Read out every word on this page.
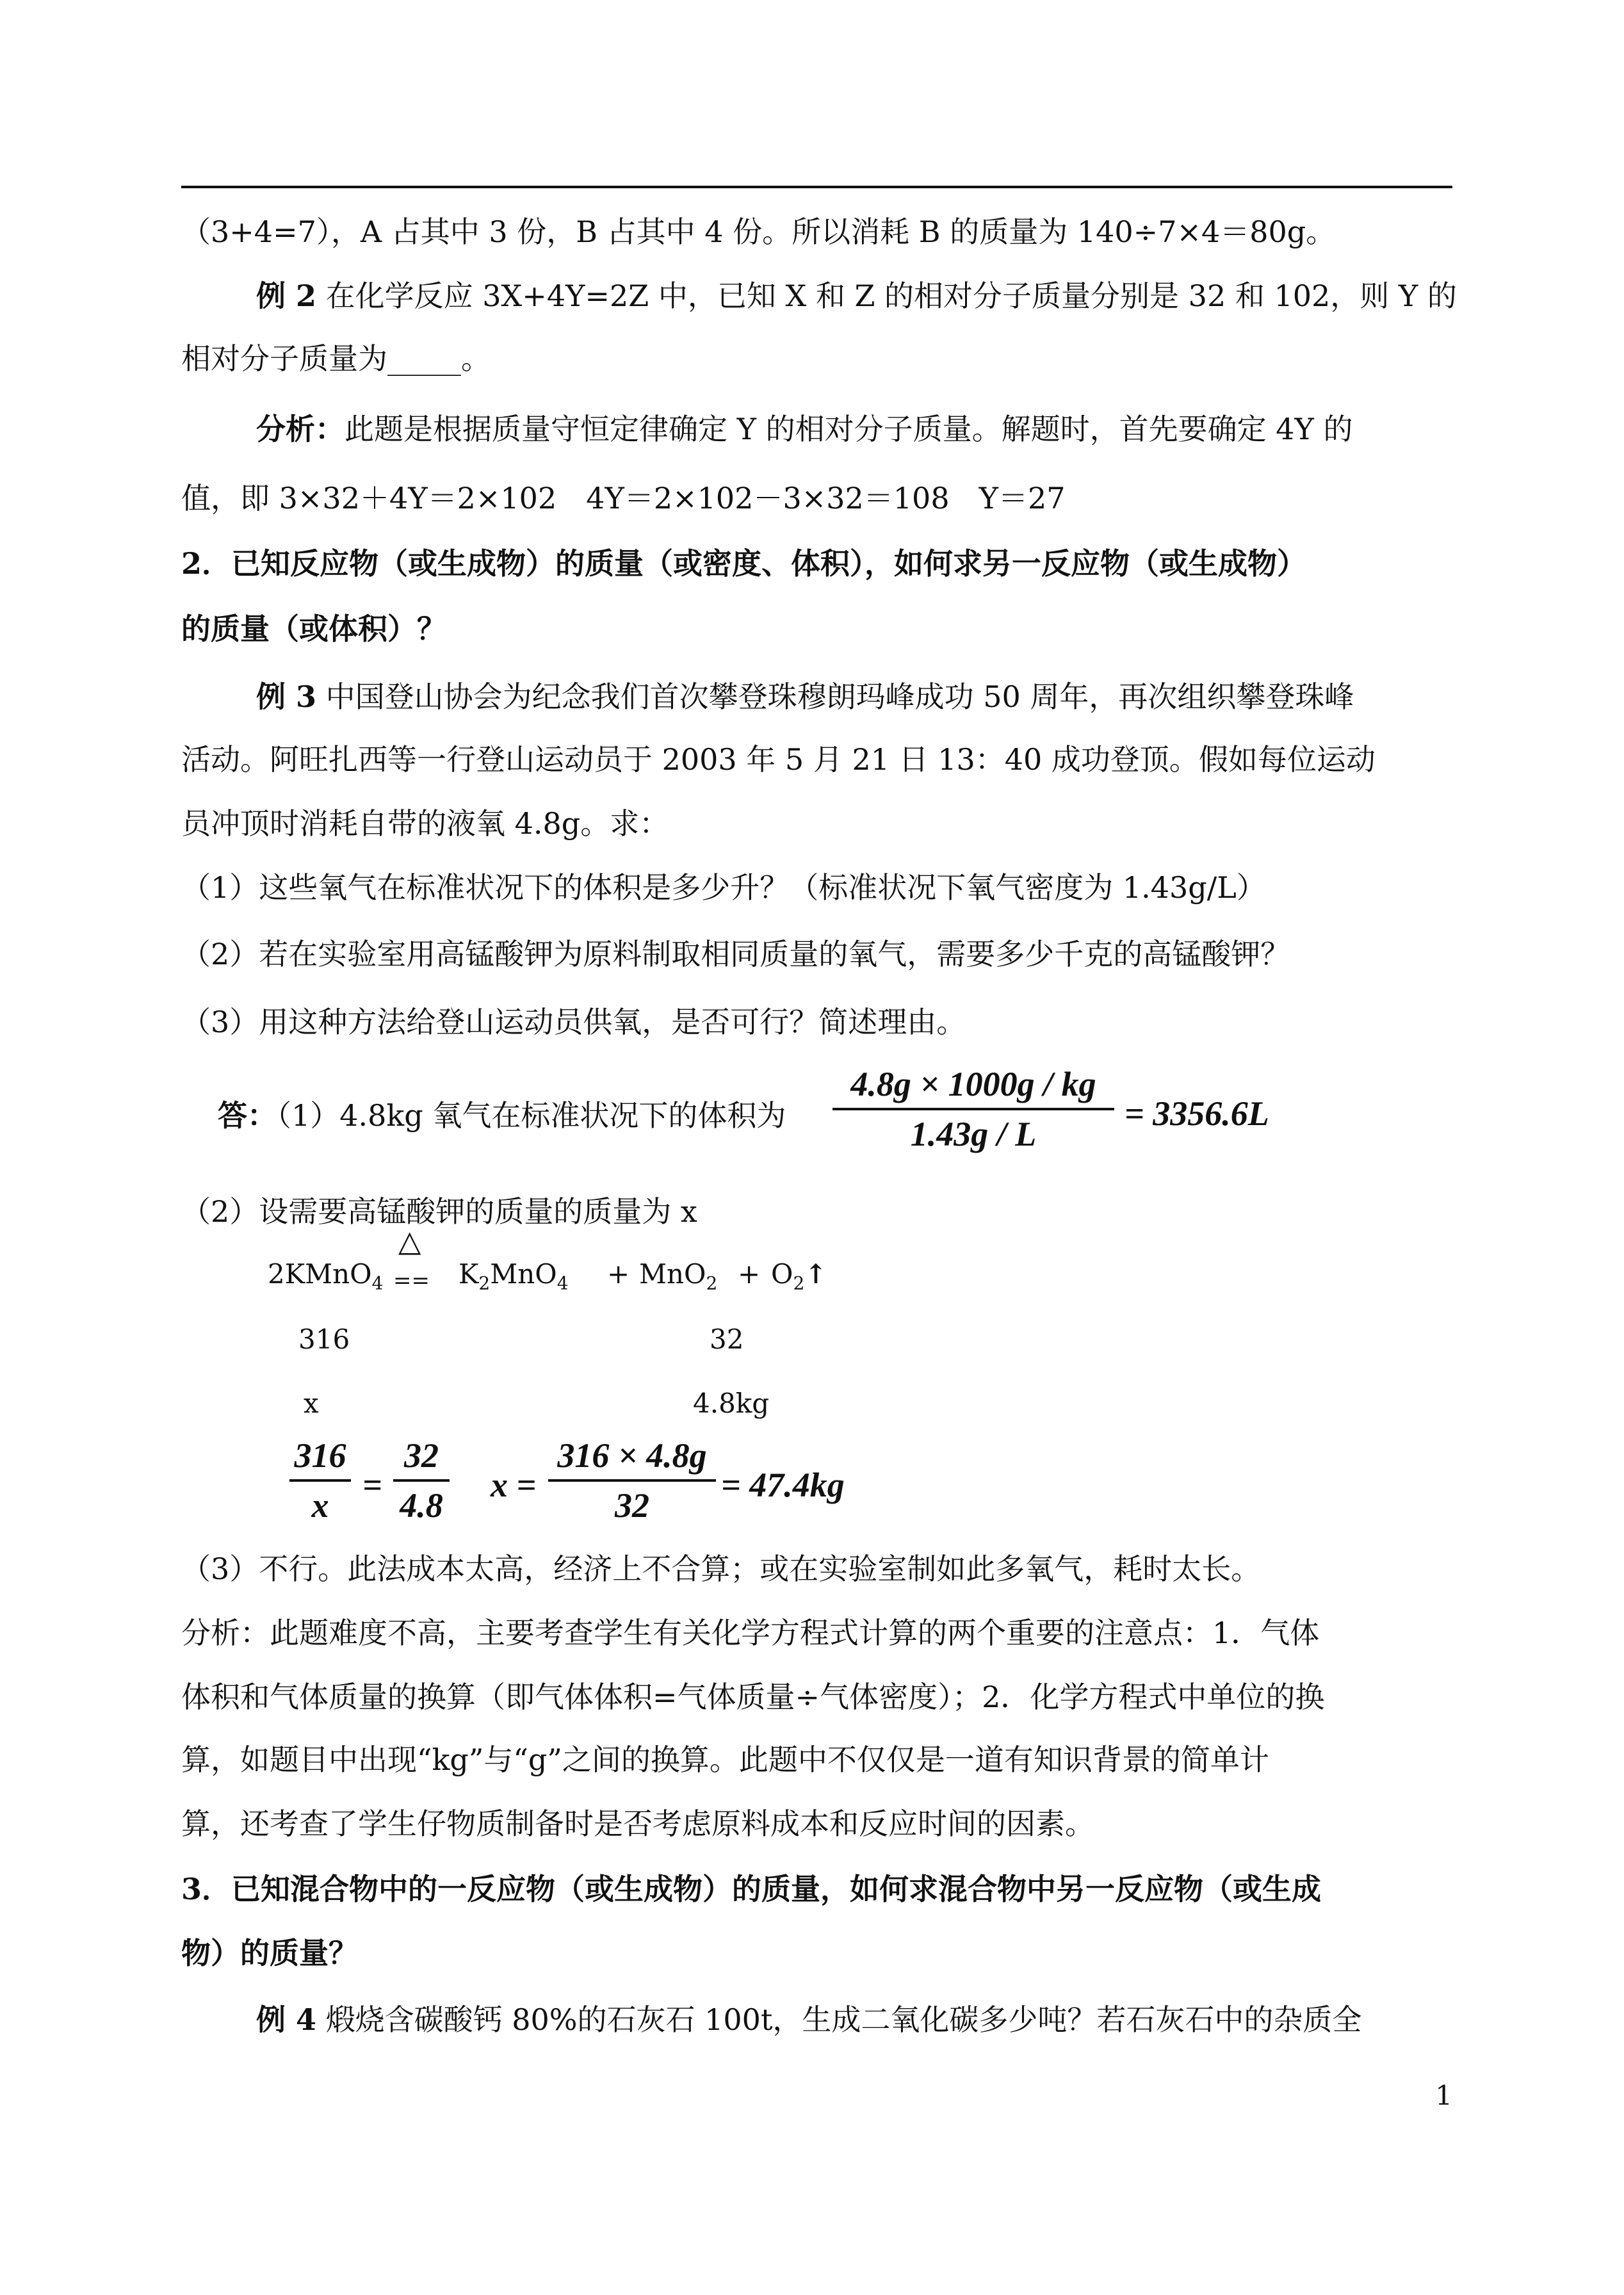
（3+4=7），A 占其中 3 份，B 占其中 4 份。所以消耗 B 的质量为 140÷7×4＝80g。
例 2 在化学反应 3X+4Y=2Z 中，已知 X 和 Z 的相对分子质量分别是 32 和 102，则 Y 的
相对分子质量为_____。
分析：此题是根据质量守恒定律确定 Y 的相对分子质量。解题时，首先要确定 4Y 的
值，即 3×32＋4Y＝2×102　4Y＝2×102－3×32＝108　Y＝27
2．已知反应物（或生成物）的质量（或密度、体积），如何求另一反应物（或生成物）
的质量（或体积）？
例 3 中国登山协会为纪念我们首次攀登珠穆朗玛峰成功 50 周年，再次组织攀登珠峰
活动。阿旺扎西等一行登山运动员于 2003 年 5 月 21 日 13：40 成功登顶。假如每位运动
员冲顶时消耗自带的液氧 4.8g。求：
（1）这些氧气在标准状况下的体积是多少升？（标准状况下氧气密度为 1.43g/L）
（2）若在实验室用高锰酸钾为原料制取相同质量的氧气，需要多少千克的高锰酸钾？
（3）用这种方法给登山运动员供氧，是否可行？简述理由。
答：（1）4.8kg 氧气在标准状况下的体积为
4.8g × 1000g / kg
1.43g / L
= 3356.6L
（2）设需要高锰酸钾的质量的质量为 x
2KMnO$_4$
△
== $K_2MnO_4 + MnO_2$ + $O_2↑$
316	32
x	4.8kg
316
x
=
32
4.8
x =
316 × 4.8g
32
= 47.4kg
（3）不行。此法成本太高，经济上不合算；或在实验室制如此多氧气，耗时太长。
分析：此题难度不高，主要考查学生有关化学方程式计算的两个重要的注意点：1．气体
体积和气体质量的换算（即气体体积=气体质量÷气体密度）；2．化学方程式中单位的换
算，如题目中出现“kg”与“g”之间的换算。此题中不仅仅是一道有知识背景的简单计
算，还考查了学生仔物质制备时是否考虑原料成本和反应时间的因素。
3．已知混合物中的一反应物（或生成物）的质量，如何求混合物中另一反应物（或生成
物）的质量？
例 4 煅烧含碳酸钙 80%的石灰石 100t，生成二氧化碳多少吨？若石灰石中的杂质全
1
